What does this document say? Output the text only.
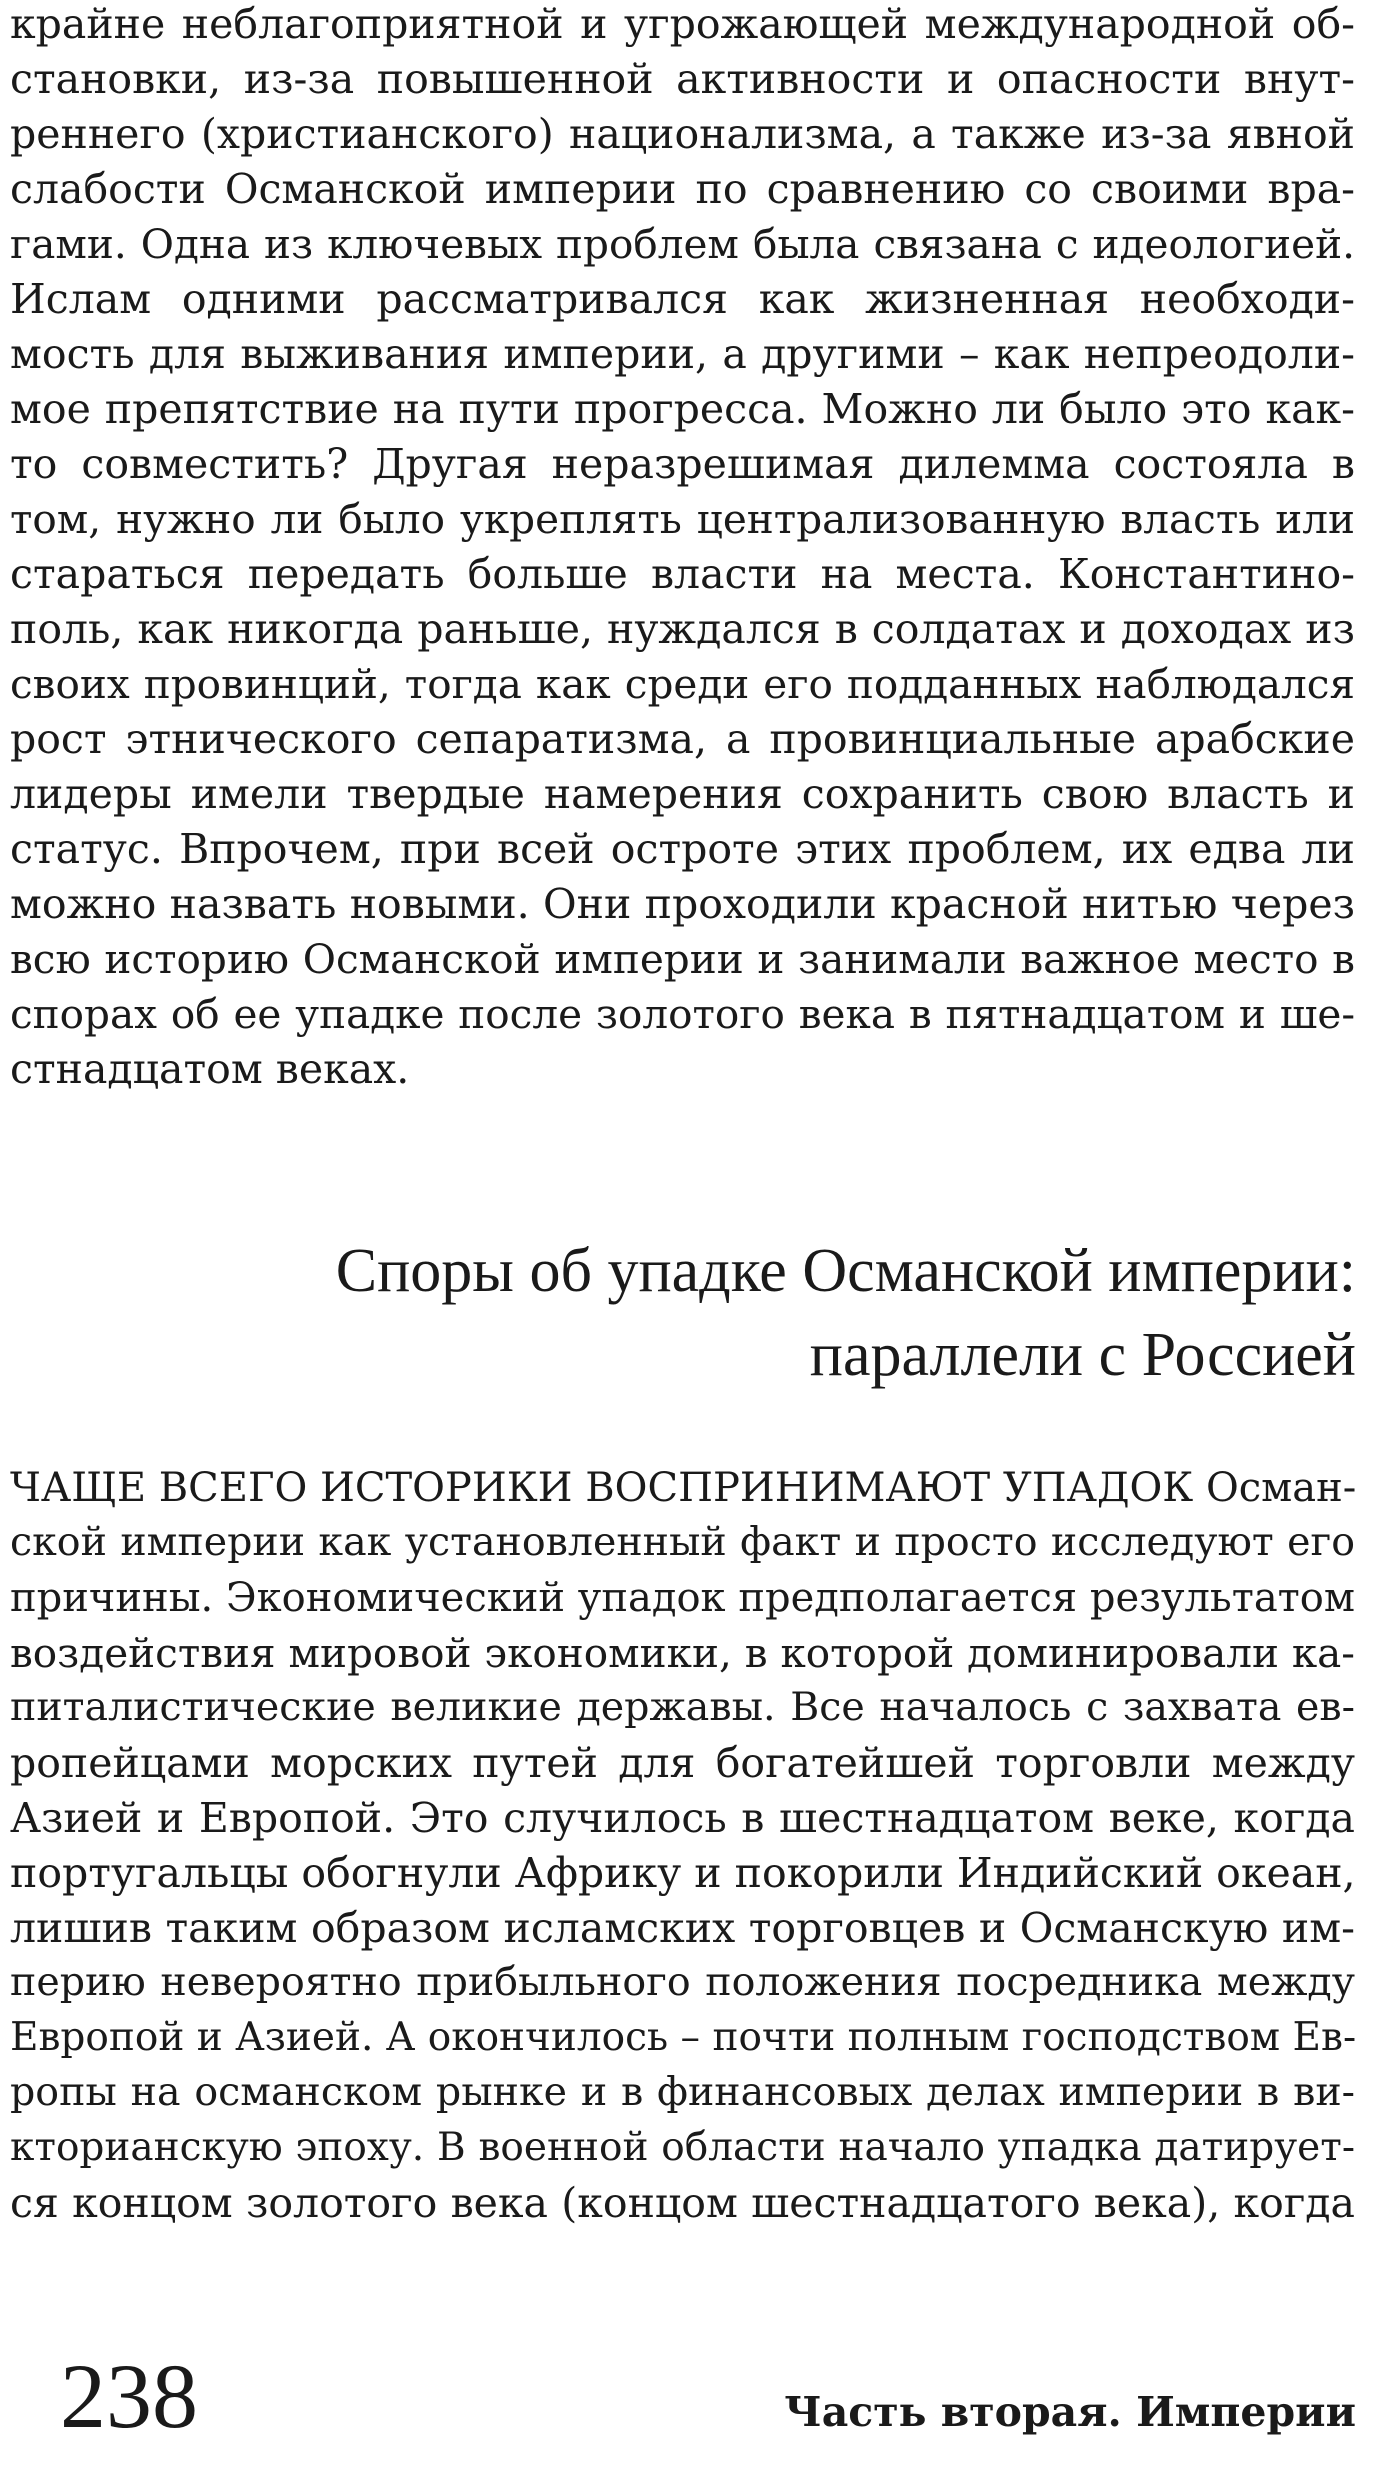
крайне неблагоприятной и угрожающей международной об-
становки, из-за повышенной активности и опасности внут-
реннего (христианского) национализма, а также из-за явной
слабости Османской империи по сравнению со своими вра-
гами. Одна из ключевых проблем была связана с идеологией.
Ислам одними рассматривался как жизненная необходи-
мость для выживания империи, а другими – как непреодоли-
мое препятствие на пути прогресса. Можно ли было это как-
то совместить? Другая неразрешимая дилемма состояла в
том, нужно ли было укреплять централизованную власть или
стараться передать больше власти на места. Константино-
поль, как никогда раньше, нуждался в солдатах и доходах из
своих провинций, тогда как среди его подданных наблюдался
рост этнического сепаратизма, а провинциальные арабские
лидеры имели твердые намерения сохранить свою власть и
статус. Впрочем, при всей остроте этих проблем, их едва ли
можно назвать новыми. Они проходили красной нитью через
всю историю Османской империи и занимали важное место в
спорах об ее упадке после золотого века в пятнадцатом и ше-
стнадцатом веках.
Споры об упадке Османской империи:
параллели с Россией
ЧАЩЕ ВСЕГО ИСТОРИКИ ВОСПРИНИМАЮТ УПАДОК Осман-
ской империи как установленный факт и просто исследуют его
причины. Экономический упадок предполагается результатом
воздействия мировой экономики, в которой доминировали ка-
питалистические великие державы. Все началось с захвата ев-
ропейцами морских путей для богатейшей торговли между
Азией и Европой. Это случилось в шестнадцатом веке, когда
португальцы обогнули Африку и покорили Индийский океан,
лишив таким образом исламских торговцев и Османскую им-
перию невероятно прибыльного положения посредника между
Европой и Азией. А окончилось – почти полным господством Ев-
ропы на османском рынке и в финансовых делах империи в ви-
кторианскую эпоху. В военной области начало упадка датирует-
ся концом золотого века (концом шестнадцатого века), когда
238	Часть вторая. Империи
